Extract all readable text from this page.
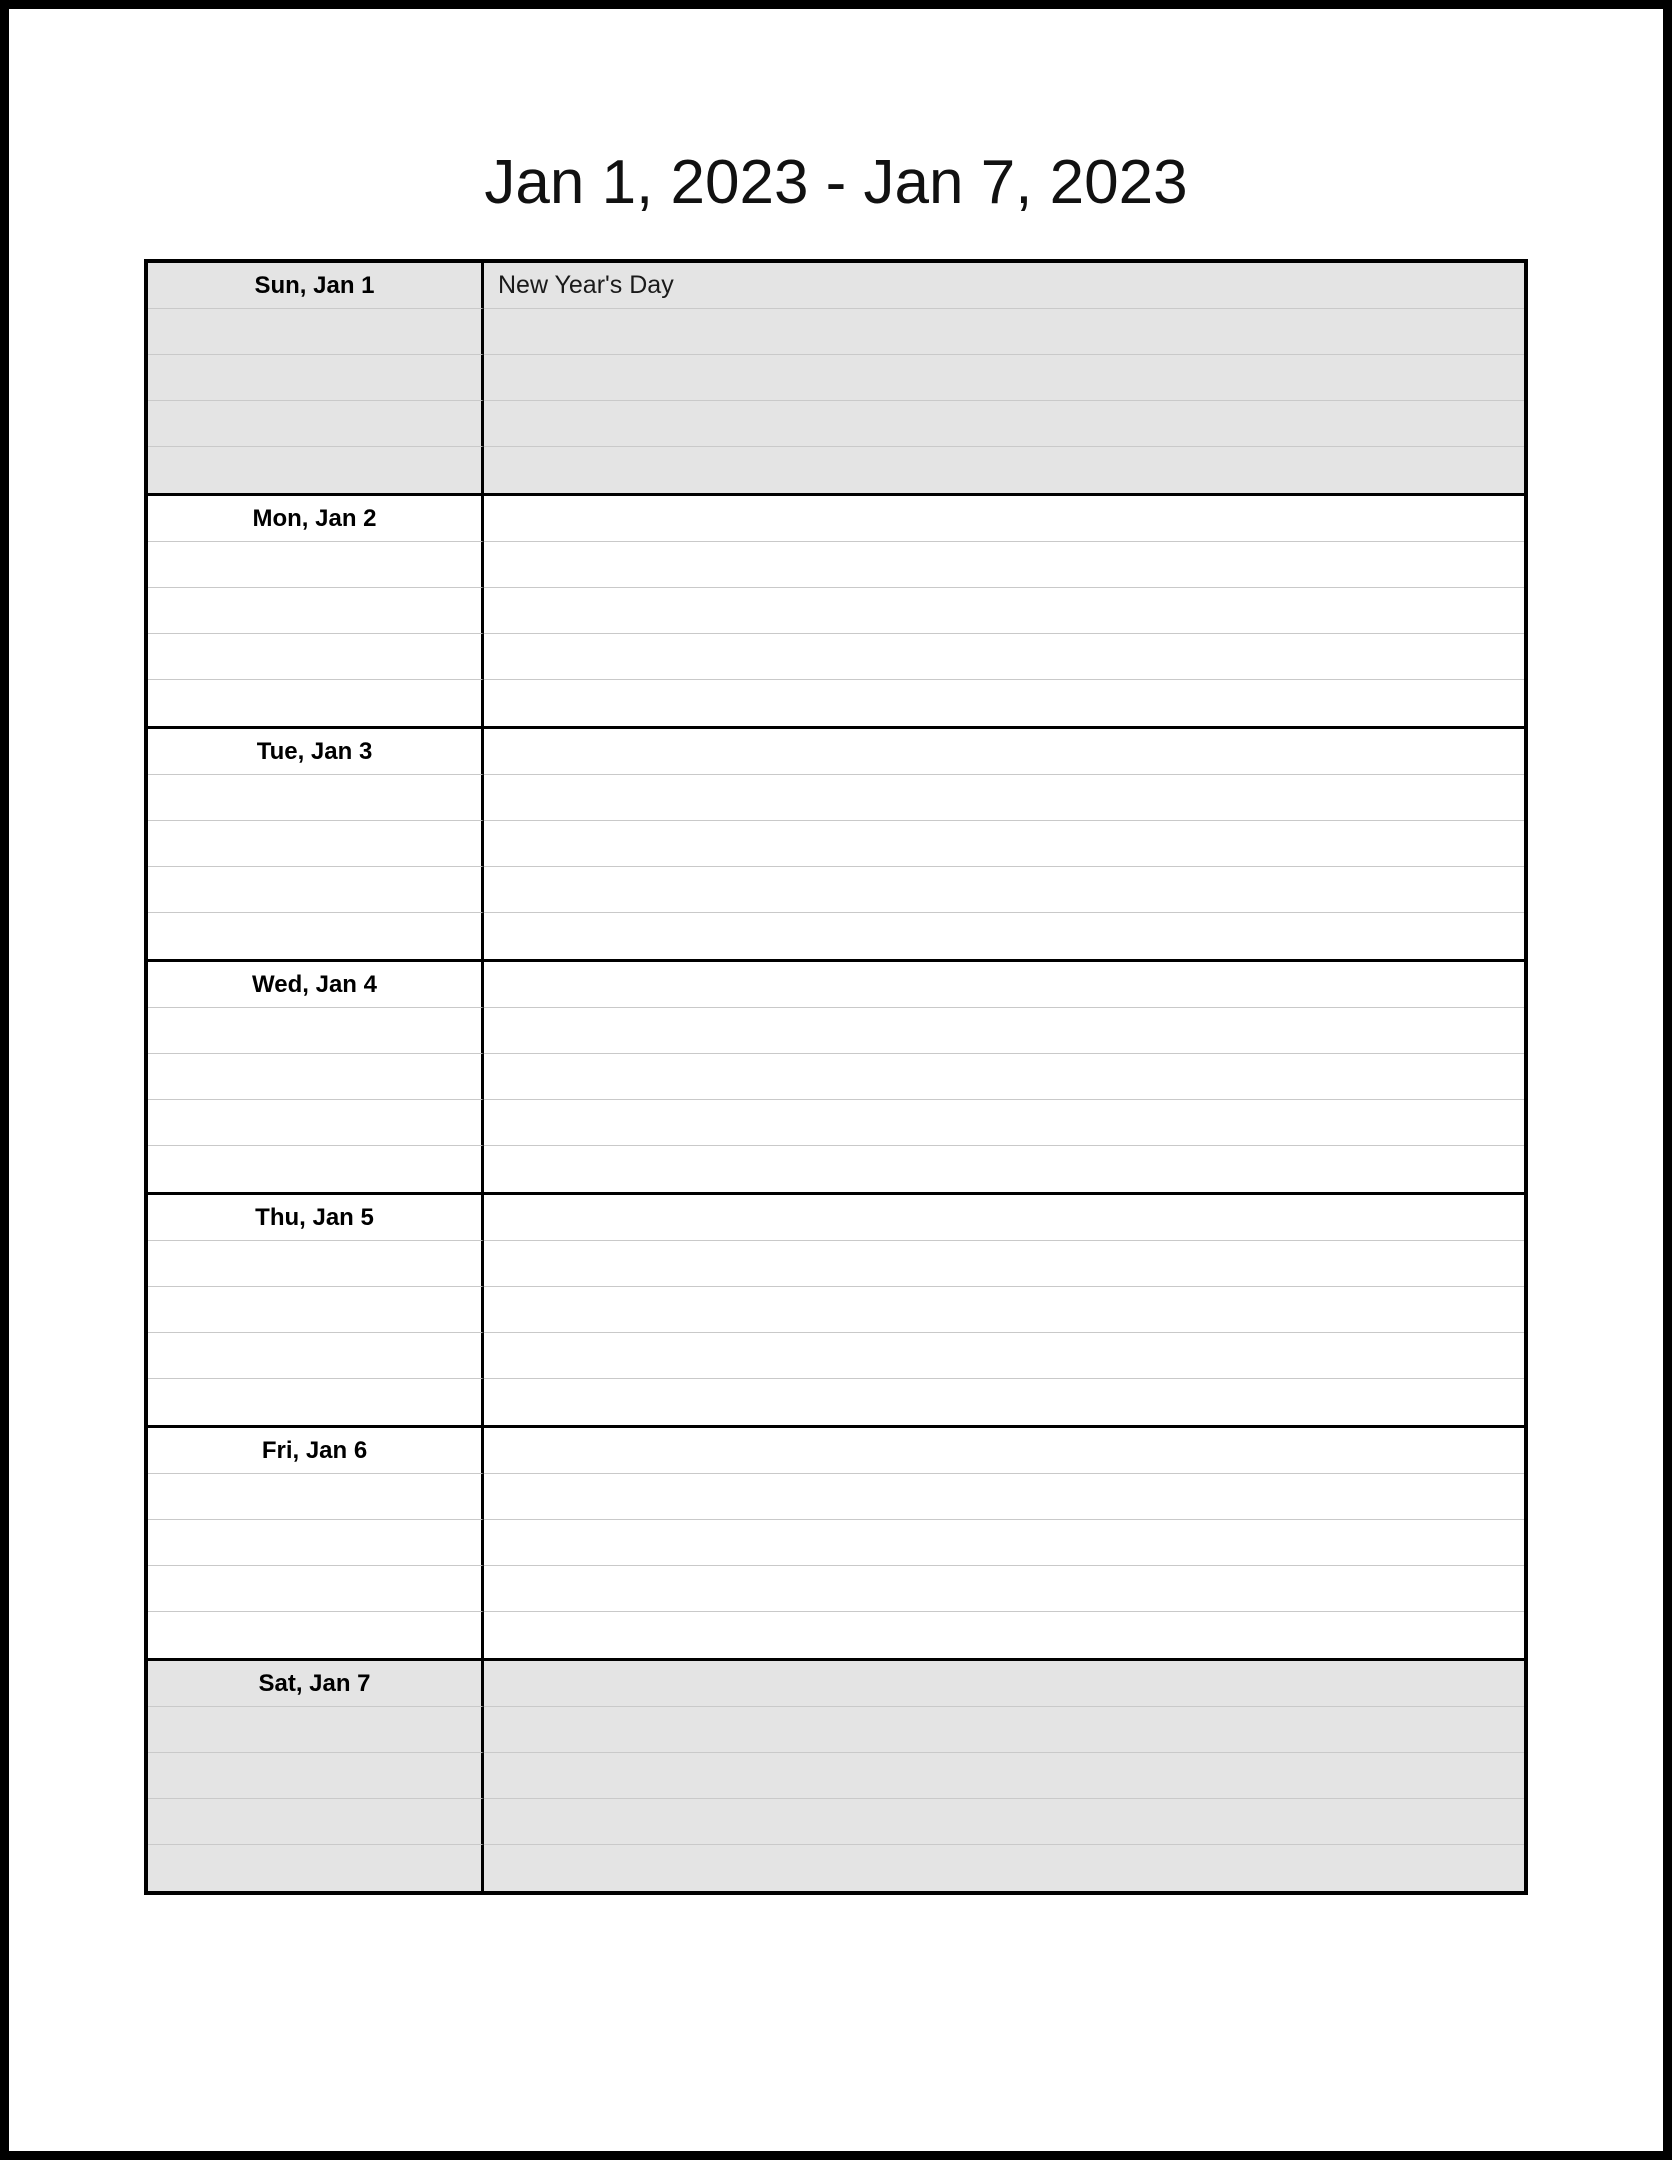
Jan 1, 2023 - Jan 7, 2023
Sun, Jan 1	New Year's Day
Mon, Jan 2
Tue, Jan 3
Wed, Jan 4
Thu, Jan 5
Fri, Jan 6
Sat, Jan 7
